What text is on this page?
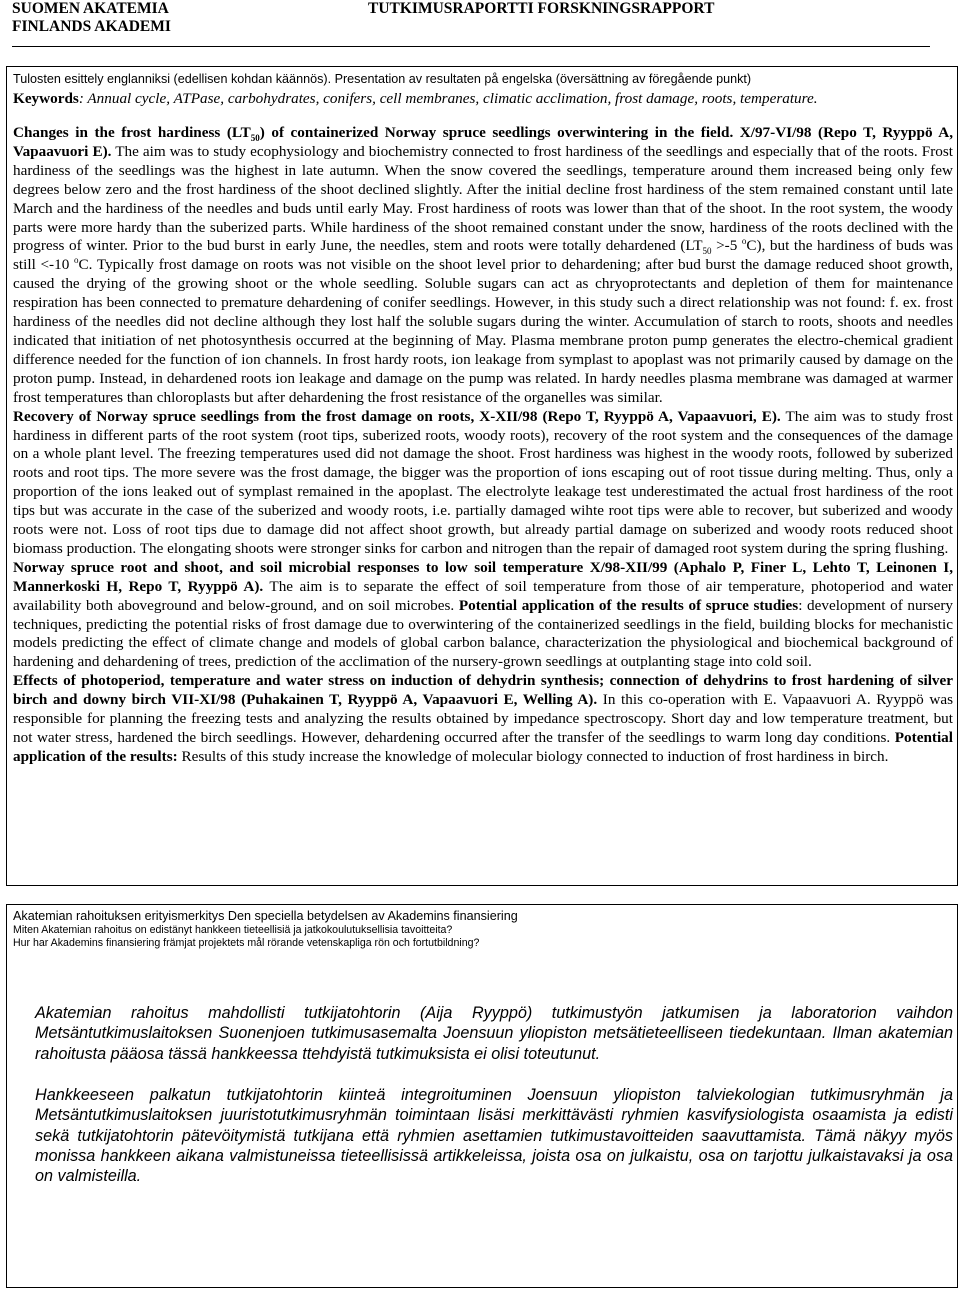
SUOMEN AKATEMIA
FINLANDS AKADEMI
TUTKIMUSRAPORTTI FORSKNINGSRAPPORT
Tulosten esittely englanniksi (edellisen kohdan käännös). Presentation av resultaten på engelska (översättning av föregående punkt)
Keywords: Annual cycle, ATPase, carbohydrates, conifers, cell membranes, climatic acclimation, frost damage, roots, temperature.

Changes in the frost hardiness $(LT_{50})$ of containerized Norway spruce seedlings overwintering in the field. X/97-VI/98 (Repo T, Ryyppö A, Vapaavuori E). The aim was to study ecophysiology and biochemistry connected to frost hardiness of the seedlings and especially that of the roots. Frost hardiness of the seedlings was the highest in late autumn. When the snow covered the seedlings, temperature around them increased being only few degrees below zero and the frost hardiness of the shoot declined slightly. After the initial decline frost hardiness of the stem remained constant until late March and the hardiness of the needles and buds until early May. Frost hardiness of roots was lower than that of the shoot. In the root system, the woody parts were more hardy than the suberized parts. While hardiness of the shoot remained constant under the snow, hardiness of the roots declined with the progress of winter. Prior to the bud burst in early June, the needles, stem and roots were totally dehardened ($LT_{50} >-5$ $^o$C), but the hardiness of buds was still <-10 $^o$C. Typically frost damage on roots was not visible on the shoot level prior to dehardening; after bud burst the damage reduced shoot growth, caused the drying of the growing shoot or the whole seedling. Soluble sugars can act as chryoprotectants and depletion of them for maintenance respiration has been connected to premature dehardening of conifer seedlings. However, in this study such a direct relationship was not found: f. ex. frost hardiness of the needles did not decline although they lost half the soluble sugars during the winter. Accumulation of starch to roots, shoots and needles indicated that initiation of net photosynthesis occurred at the beginning of May. Plasma membrane proton pump generates the electro-chemical gradient difference needed for the function of ion channels. In frost hardy roots, ion leakage from symplast to apoplast was not primarily caused by damage on the proton pump. Instead, in dehardened roots ion leakage and damage on the pump was related. In hardy needles plasma membrane was damaged at warmer frost temperatures than chloroplasts but after dehardening the frost resistance of the organelles was similar.

Recovery of Norway spruce seedlings from the frost damage on roots, X-XII/98 (Repo T, Ryyppö A, Vapaavuori, E). The aim was to study frost hardiness in different parts of the root system (root tips, suberized roots, woody roots), recovery of the root system and the consequences of the damage on a whole plant level. The freezing temperatures used did not damage the shoot. Frost hardiness was highest in the woody roots, followed by suberized roots and root tips. The more severe was the frost damage, the bigger was the proportion of ions escaping out of root tissue during melting. Thus, only a proportion of the ions leaked out of symplast remained in the apoplast. The electrolyte leakage test underestimated the actual frost hardiness of the root tips but was accurate in the case of the suberized and woody roots, i.e. partially damaged wihte root tips were able to recover, but suberized and woody roots were not. Loss of root tips due to damage did not affect shoot growth, but already partial damage on suberized and woody roots reduced shoot biomass production. The elongating shoots were stronger sinks for carbon and nitrogen than the repair of damaged root system during the spring flushing.

Norway spruce root and shoot, and soil microbial responses to low soil temperature X/98-XII/99 (Aphalo P, Finer L, Lehto T, Leinonen I, Mannerkoski H, Repo T, Ryyppö A). The aim is to separate the effect of soil temperature from those of air temperature, photoperiod and water availability both aboveground and below-ground, and on soil microbes. Potential application of the results of spruce studies: development of nursery techniques, predicting the potential risks of frost damage due to overwintering of the containerized seedlings in the field, building blocks for mechanistic models predicting the effect of climate change and models of global carbon balance, characterization the physiological and biochemical background of hardening and dehardening of trees, prediction of the acclimation of the nursery-grown seedlings at outplanting stage into cold soil.

Effects of photoperiod, temperature and water stress on induction of dehydrin synthesis; connection of dehydrins to frost hardening of silver birch and downy birch VII-XI/98 (Puhakainen T, Ryyppö A, Vapaavuori E, Welling A). In this co-operation with E. Vapaavuori A. Ryyppö was responsible for planning the freezing tests and analyzing the results obtained by impedance spectroscopy. Short day and low temperature treatment, but not water stress, hardened the birch seedlings. However, dehardening occurred after the transfer of the seedlings to warm long day conditions. Potential application of the results: Results of this study increase the knowledge of molecular biology connected to induction of frost hardiness in birch.

Akatemian rahoituksen erityismerkitys Den speciella betydelsen av Akademins finansiering
Miten Akatemian rahoitus on edistänyt hankkeen tieteellisiä ja jatkokoulutuksellisia tavoitteita?
Hur har Akademins finansiering främjat projektets mål rörande vetenskapliga rön och fortutbildning?

Akatemian rahoitus mahdollisti tutkijatohtorin (Aija Ryyppö) tutkimustyön jatkumisen ja laboratorion vaihdon Metsäntutkimuslaitoksen Suonenjoen tutkimusasemalta Joensuun yliopiston metsätieteelliseen tiedekuntaan. Ilman akatemian rahoitusta pääosa tässä hankkeessa ttehdyistä tutkimuksista ei olisi toteutunut.

Hankkeeseen palkatun tutkijatohtorin kiinteä integroituminen Joensuun yliopiston talviekologian tutkimusryhmän ja Metsäntutkimuslaitoksen juuristotutkimusryhmän toimintaan lisäsi merkittävästi ryhmien kasvifysiologista osaamista ja edisti sekä tutkijatohtorin pätevöitymistä tutkijana että ryhmien asettamien tutkimustavoitteiden saavuttamista. Tämä näkyy myös monissa hankkeen aikana valmistuneissa tieteellisissä artikkeleissa, joista osa on julkaistu, osa on tarjottu julkaistavaksi ja osa on valmisteilla.
